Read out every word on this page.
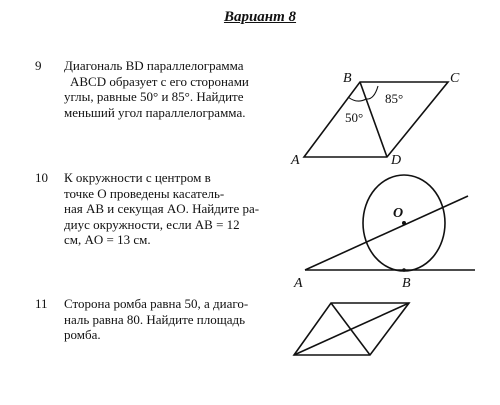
Вариант 8
9 Диагональ BD параллелограмма
ABCD образует с его сторонами
углы, равные 50° и 85°. Найдите
меньший угол параллелограмма.
10 К окружности с центром в
точке O проведены касатель-
ная AB и секущая AO. Найдите ра-
диус окружности, если AB = 12
см, AO = 13 см.
11 Сторона ромба равна 50, а диаго-
наль равна 80. Найдите площадь
ромба.
B	C
A	D
85°
50°
O
A	B
